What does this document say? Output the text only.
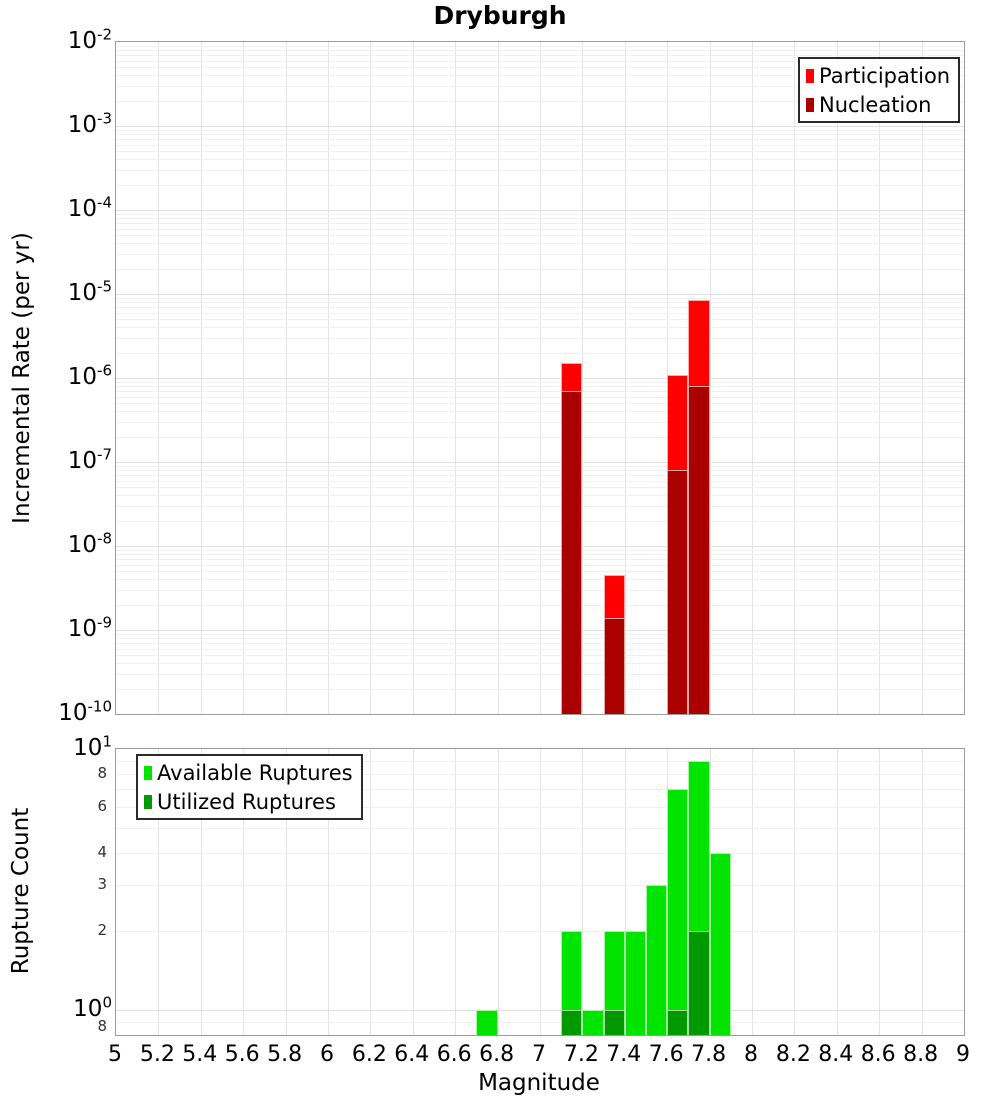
Dryburgh
Incremental Rate (per yr)
Rupture Count
Participation
Nucleation
Available Ruptures
Utilized Ruptures
Magnitude
5 5.2 5.4 5.6 5.8 6 6.2 6.4 6.6 6.8 7 7.2 7.4 7.6 7.8 8 8.2 8.4 8.6 8.8 9
$10^{-2}$
$10^{-3}$
$10^{-4}$
$10^{-5}$
$10^{-6}$
$10^{-7}$
$10^{-8}$
$10^{-9}$
$10^{-10}$
$10^1$
$10^0$
8
6
4
3
2
8
